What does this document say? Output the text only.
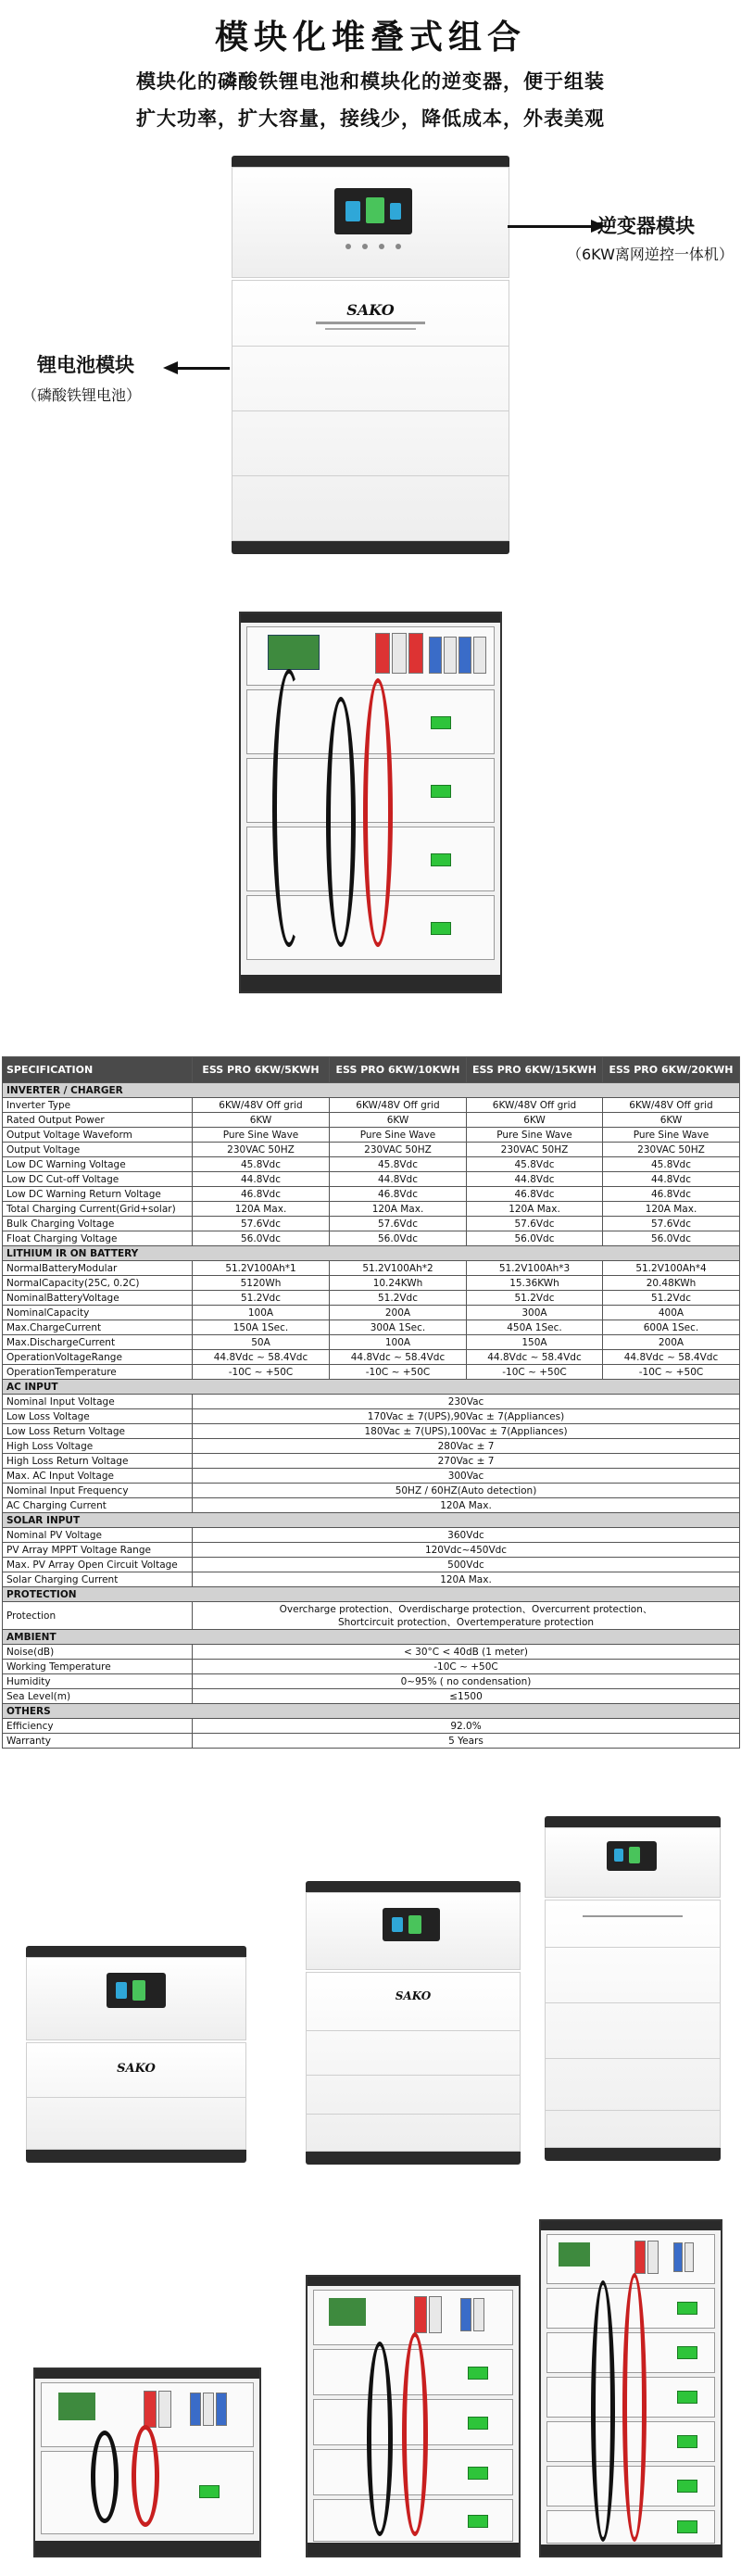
模块化堆叠式组合
模块化的磷酸铁锂电池和模块化的逆变器，便于组装
扩大功率，扩大容量，接线少，降低成本，外表美观
SAKO
逆变器模块
（6KW离网逆控一体机）
锂电池模块
（磷酸铁锂电池）
SPECIFICATION	ESS PRO 6KW/5KWH	ESS PRO 6KW/10KWH	ESS PRO 6KW/15KWH	ESS PRO 6KW/20KWH
INVERTER / CHARGER				
Inverter Type	6KW/48V Off grid	6KW/48V Off grid	6KW/48V Off grid	6KW/48V Off grid
Rated Output Power	6KW	6KW	6KW	6KW
Output Voltage Waveform	Pure Sine Wave	Pure Sine Wave	Pure Sine Wave	Pure Sine Wave
Output Voltage	230VAC 50HZ	230VAC 50HZ	230VAC 50HZ	230VAC 50HZ
Low DC Warning Voltage	45.8Vdc	45.8Vdc	45.8Vdc	45.8Vdc
Low DC Cut-off Voltage	44.8Vdc	44.8Vdc	44.8Vdc	44.8Vdc
Low DC Warning Return Voltage	46.8Vdc	46.8Vdc	46.8Vdc	46.8Vdc
Total Charging Current(Grid+solar)	120A Max.	120A Max.	120A Max.	120A Max.
Bulk Charging Voltage	57.6Vdc	57.6Vdc	57.6Vdc	57.6Vdc
Float Charging Voltage	56.0Vdc	56.0Vdc	56.0Vdc	56.0Vdc
LITHIUM IR ON BATTERY				
NormalBatteryModular	51.2V100Ah*1	51.2V100Ah*2	51.2V100Ah*3	51.2V100Ah*4
NormalCapacity(25C, 0.2C)	5120Wh	10.24KWh	15.36KWh	20.48KWh
NominalBatteryVoltage	51.2Vdc	51.2Vdc	51.2Vdc	51.2Vdc
NominalCapacity	100A	200A	300A	400A
Max.ChargeCurrent	150A 1Sec.	300A 1Sec.	450A 1Sec.	600A 1Sec.
Max.DischargeCurrent	50A	100A	150A	200A
OperationVoltageRange	44.8Vdc ~ 58.4Vdc	44.8Vdc ~ 58.4Vdc	44.8Vdc ~ 58.4Vdc	44.8Vdc ~ 58.4Vdc
OperationTemperature	-10C ~ +50C	-10C ~ +50C	-10C ~ +50C	-10C ~ +50C
AC INPUT				
Nominal Input Voltage	230Vac			
Low Loss Voltage	170Vac ± 7(UPS),90Vac ± 7(Appliances)			
Low Loss Return Voltage	180Vac ± 7(UPS),100Vac ± 7(Appliances)			
High Loss Voltage	280Vac ± 7			
High Loss Return Voltage	270Vac ± 7			
Max. AC Input Voltage	300Vac			
Nominal Input Frequency	50HZ / 60HZ(Auto detection)			
AC Charging Current	120A Max.			
SOLAR INPUT				
Nominal PV Voltage	360Vdc			
PV Array MPPT Voltage Range	120Vdc~450Vdc			
Max. PV Array Open Circuit Voltage	500Vdc			
Solar Charging Current	120A Max.			
PROTECTION				
Protection	Overcharge protection、Overdischarge protection、Overcurrent protection、
Shortcircuit protection、Overtemperature protection			

AMBIENT				
Noise(dB)	< 30°C < 40dB (1 meter)			
Working Temperature	-10C ~ +50C			
Humidity	0~95% ( no condensation)			
Sea Level(m)	≤1500			
OTHERS				
Efficiency	92.0%			
Warranty	5 Years			
SAKO
SAKO
